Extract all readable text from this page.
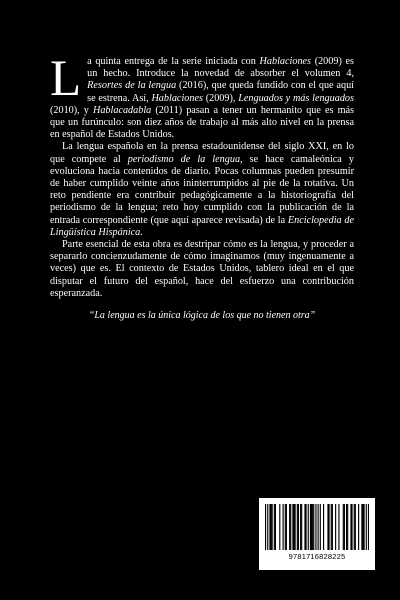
La quinta entrega de la serie iniciada con Hablaciones (2009) es un hecho. Introduce la novedad de absorber el volumen 4, Resortes de la lengua (2016), que queda fundido con el que aquí se estrena. Así, Hablaciones (2009), Lenguados y más lenguados (2010), y Hablacadabla (2011) pasan a tener un hermanito que es más que un furúnculo: son diez años de trabajo al más alto nivel en la prensa en español de Estados Unidos.

La lengua española en la prensa estadounidense del siglo XXI, en lo que compete al periodismo de la lengua, se hace camaleónica y evoluciona hacia contenidos de diario. Pocas columnas pueden presumir de haber cumplido veinte años ininterrumpidos al pie de la rotativa. Un reto pendiente era contribuir pedagógicamente a la historiografía del periodismo de la lengua; reto hoy cumplido con la publicación de la entrada correspondiente (que aquí aparece revisada) de la Enciclopedia de Lingüística Hispánica.

Parte esencial de esta obra es destripar cómo es la lengua, y proceder a separarlo concienzudamente de cómo imaginamos (muy ingenuamente a veces) que es. El contexto de Estados Unidos, tablero ideal en el que disputar el futuro del español, hace del esfuerzo una contribución esperanzada.

“La lengua es la única lógica de los que no tienen otra”

9781716828225
